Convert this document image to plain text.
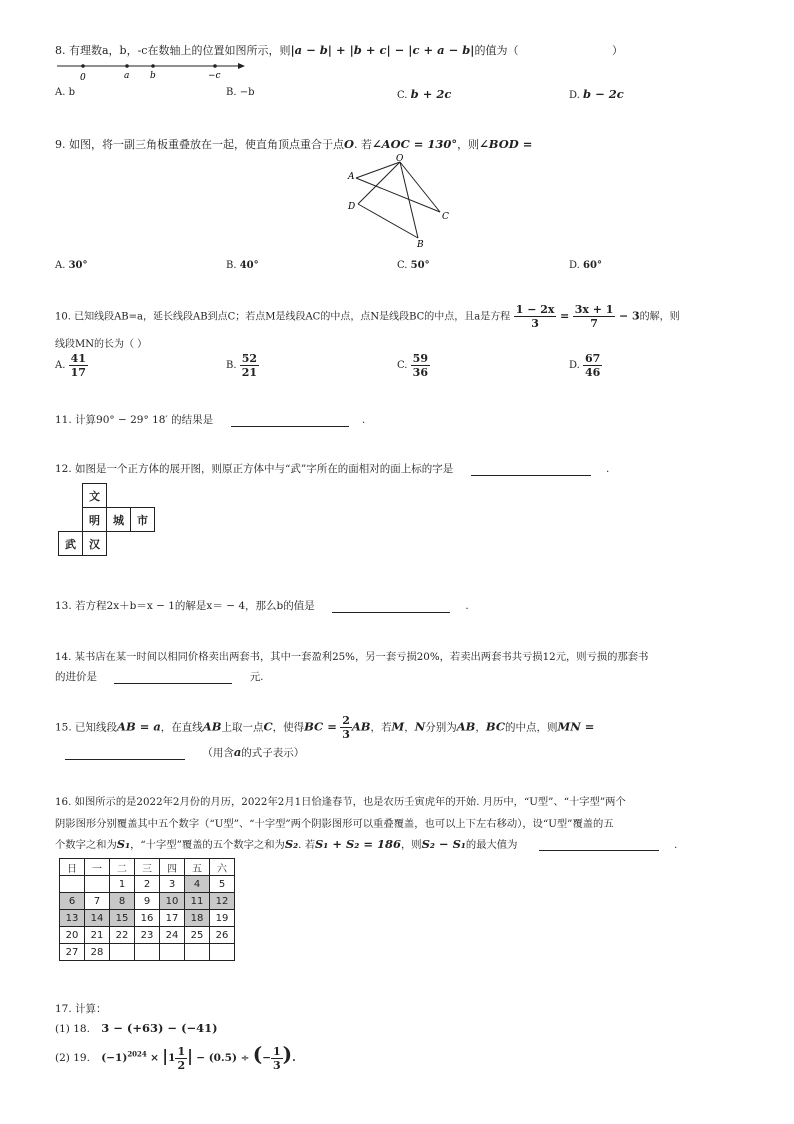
8. 有理数a，b，-c在数轴上的位置如图所示，则|a − b| + |b + c| − |c + a − b|的值为（	）
0	a b	−c
A. b	B. −b	C. b + 2c	D. b − 2c
9. 如图，将一副三角板重叠放在一起，使直角顶点重合于点O. 若∠AOC = 130°，则∠BOD =
O
A
D
C
B
A. 30°	B. 40°	C. 50°	D. 60°
10. 已知线段AB=a，延长线段AB到点C；若点M是线段AC的中点，点N是线段BC的中点，且a是方程 $\frac{1 - 2x}{3} = \frac{3x + 1}{7} - 3$的解，则
线段MN的长为（ ）
A. $\frac{41}{17}$	B. $\frac{52}{21}$	C. $\frac{59}{36}$	D. $\frac{67}{46}$
11. 计算90° − 29° 18′ 的结果是	.
12. 如图是一个正方体的展开图，则原正方体中与“武”字所在的面相对的面上标的字是	.
	文		
	明	城	市
武	汉		
13. 若方程2x＋b＝x − 1的解是x＝ − 4，那么b的值是	.
14. 某书店在某一时间以相同价格卖出两套书，其中一套盈利25%，另一套亏损20%，若卖出两套书共亏损12元，则亏损的那套书
的进价是	元.
15. 已知线段AB = a，在直线AB上取一点C，使得BC = $\frac{2}{3}$ AB，若M，N分别为AB，BC的中点，则MN =
（用含a的式子表示）
16. 如图所示的是2022年2月份的月历，2022年2月1日恰逢春节，也是农历壬寅虎年的开始. 月历中，“U型”、“十字型”两个
阴影图形分别覆盖其中五个数字（“U型”、“十字型”两个阴影图形可以重叠覆盖，也可以上下左右移动），设“U型”覆盖的五
个数字之和为S₁，“十字型”覆盖的五个数字之和为S₂. 若S₁ + S₂ = 186，则S₂ − S₁的最大值为	.
日	一	二	三	四	五	六
		1	2	3	4	5
6	7	8	9	10	11	12
13	14	15	16	17	18	19
20	21	22	23	24	25	26
27	28					
17. 计算：
(1) 18. 3 − (+63) − (−41)
(2) 19. $(-1)^{2024} \times |1 \frac{1}{2}$ | − (0.5) ÷ (− $\frac{1}{3}$ ).
